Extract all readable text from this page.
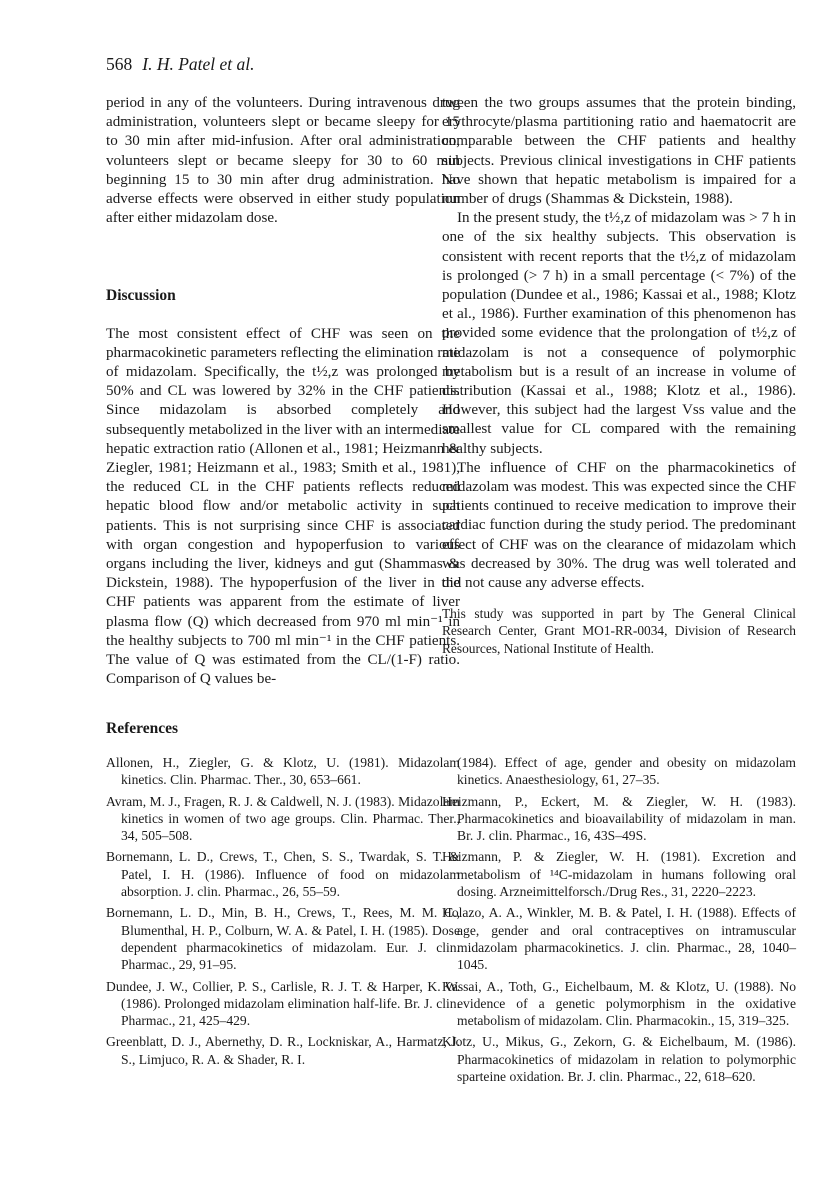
568 I. H. Patel et al.

period in any of the volunteers. During intravenous drug administration, volunteers slept or became sleepy for 15 to 30 min after mid-infusion. After oral administration, volunteers slept or became sleepy for 30 to 60 min beginning 15 to 30 min after drug administration. No adverse effects were observed in either study population after either midazolam dose.

Discussion

The most consistent effect of CHF was seen on the pharmacokinetic parameters reflecting the elimination rate of midazolam. Specifically, the t½,z was prolonged by 50% and CL was lowered by 32% in the CHF patients. Since midazolam is absorbed completely and subsequently metabolized in the liver with an intermediate hepatic extraction ratio (Allonen et al., 1981; Heizmann & Ziegler, 1981; Heizmann et al., 1983; Smith et al., 1981), the reduced CL in the CHF patients reflects reduced hepatic blood flow and/or metabolic activity in such patients. This is not surprising since CHF is associated with organ congestion and hypoperfusion to various organs including the liver, kidneys and gut (Shammas & Dickstein, 1988). The hypoperfusion of the liver in the CHF patients was apparent from the estimate of liver plasma flow (Q) which decreased from 970 ml min⁻¹ in the healthy subjects to 700 ml min⁻¹ in the CHF patients. The value of Q was estimated from the CL/(1-F) ratio. Comparison of Q values be-

tween the two groups assumes that the protein binding, erythrocyte/plasma partitioning ratio and haematocrit are comparable between the CHF patients and healthy subjects. Previous clinical investigations in CHF patients have shown that hepatic metabolism is impaired for a number of drugs (Shammas & Dickstein, 1988).

In the present study, the t½,z of midazolam was > 7 h in one of the six healthy subjects. This observation is consistent with recent reports that the t½,z of midazolam is prolonged (> 7 h) in a small percentage (< 7%) of the population (Dundee et al., 1986; Kassai et al., 1988; Klotz et al., 1986). Further examination of this phenomenon has provided some evidence that the prolongation of t½,z of midazolam is not a consequence of polymorphic metabolism but is a result of an increase in volume of distribution (Kassai et al., 1988; Klotz et al., 1986). However, this subject had the largest Vss value and the smallest value for CL compared with the remaining healthy subjects.

The influence of CHF on the pharmacokinetics of midazolam was modest. This was expected since the CHF patients continued to receive medication to improve their cardiac function during the study period. The predominant effect of CHF was on the clearance of midazolam which was decreased by 30%. The drug was well tolerated and did not cause any adverse effects.

This study was supported in part by The General Clinical Research Center, Grant MO1-RR-0034, Division of Research Resources, National Institute of Health.

References

Allonen, H., Ziegler, G. & Klotz, U. (1981). Midazolam kinetics. Clin. Pharmac. Ther., 30, 653–661.

Avram, M. J., Fragen, R. J. & Caldwell, N. J. (1983). Midazolam kinetics in women of two age groups. Clin. Pharmac. Ther., 34, 505–508.

Bornemann, L. D., Crews, T., Chen, S. S., Twardak, S. T. & Patel, I. H. (1986). Influence of food on midazolam absorption. J. clin. Pharmac., 26, 55–59.

Bornemann, L. D., Min, B. H., Crews, T., Rees, M. M. C., Blumenthal, H. P., Colburn, W. A. & Patel, I. H. (1985). Dose dependent pharmacokinetics of midazolam. Eur. J. clin. Pharmac., 29, 91–95.

Dundee, J. W., Collier, P. S., Carlisle, R. J. T. & Harper, K. W. (1986). Prolonged midazolam elimination half-life. Br. J. clin. Pharmac., 21, 425–429.

Greenblatt, D. J., Abernethy, D. R., Lockniskar, A., Harmatz, J. S., Limjuco, R. A. & Shader, R. I.

(1984). Effect of age, gender and obesity on midazolam kinetics. Anaesthesiology, 61, 27–35.

Heizmann, P., Eckert, M. & Ziegler, W. H. (1983). Pharmacokinetics and bioavailability of midazolam in man. Br. J. clin. Pharmac., 16, 43S–49S.

Heizmann, P. & Ziegler, W. H. (1981). Excretion and metabolism of ¹⁴C-midazolam in humans following oral dosing. Arzneimittelforsch./Drug Res., 31, 2220–2223.

Holazo, A. A., Winkler, M. B. & Patel, I. H. (1988). Effects of age, gender and oral contraceptives on intramuscular midazolam pharmacokinetics. J. clin. Pharmac., 28, 1040–1045.

Kassai, A., Toth, G., Eichelbaum, M. & Klotz, U. (1988). No evidence of a genetic polymorphism in the oxidative metabolism of midazolam. Clin. Pharmacokin., 15, 319–325.

Klotz, U., Mikus, G., Zekorn, G. & Eichelbaum, M. (1986). Pharmacokinetics of midazolam in relation to polymorphic sparteine oxidation. Br. J. clin. Pharmac., 22, 618–620.
